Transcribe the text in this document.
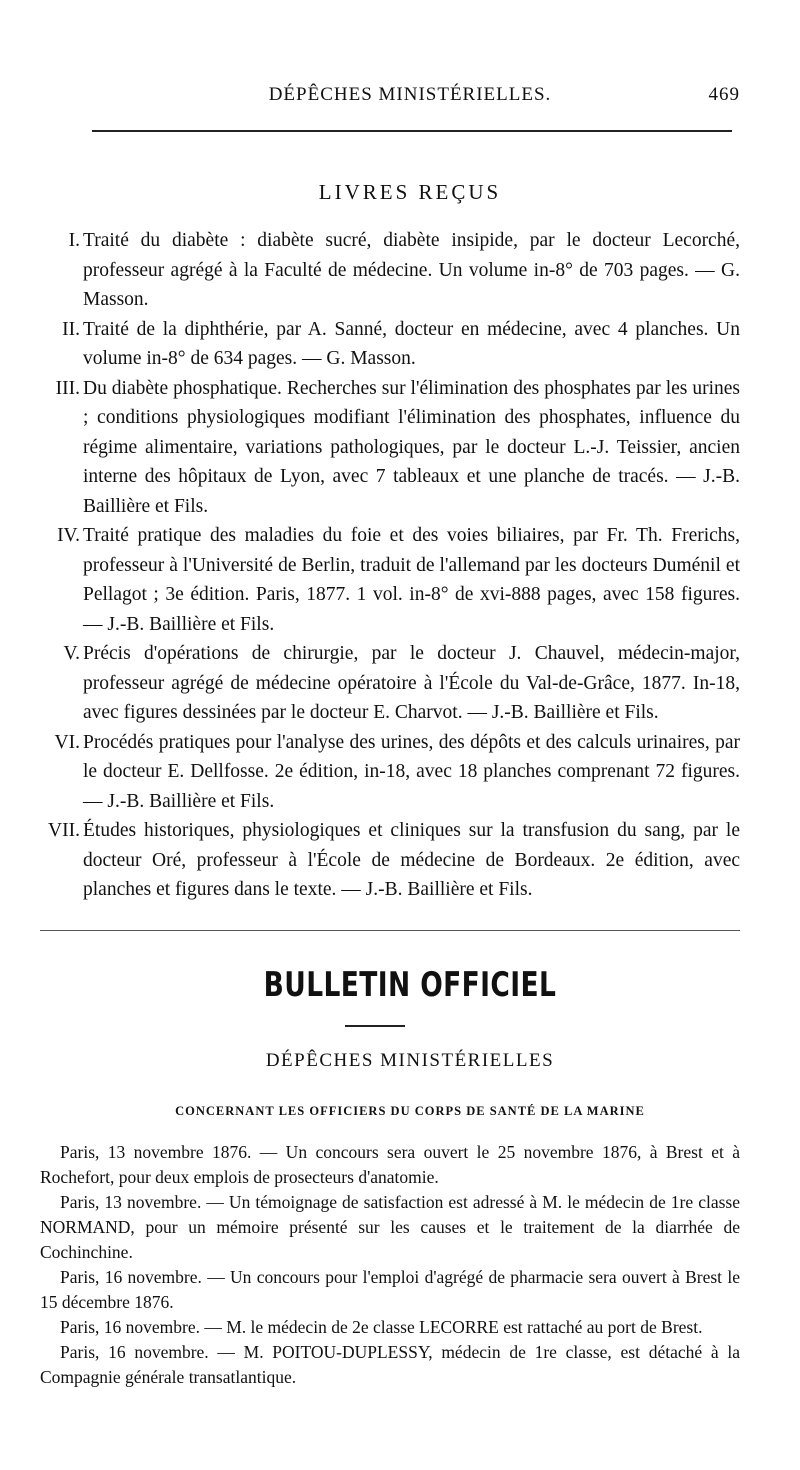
DÉPÊCHES MINISTÉRIELLES.	469
LIVRES REÇUS
I. Traité du diabète : diabète sucré, diabète insipide, par le docteur Lecorché, professeur agrégé à la Faculté de médecine. Un volume in-8° de 703 pages. — G. Masson.
II. Traité de la diphthérie, par A. Sanné, docteur en médecine, avec 4 planches. Un volume in-8° de 634 pages. — G. Masson.
III. Du diabète phosphatique. Recherches sur l'élimination des phosphates par les urines ; conditions physiologiques modifiant l'élimination des phosphates, influence du régime alimentaire, variations pathologiques, par le docteur L.-J. Teissier, ancien interne des hôpitaux de Lyon, avec 7 tableaux et une planche de tracés. — J.-B. Baillière et Fils.
IV. Traité pratique des maladies du foie et des voies biliaires, par Fr. Th. Frerichs, professeur à l'Université de Berlin, traduit de l'allemand par les docteurs Duménil et Pellagot ; 3e édition. Paris, 1877. 1 vol. in-8° de xvi-888 pages, avec 158 figures. — J.-B. Baillière et Fils.
V. Précis d'opérations de chirurgie, par le docteur J. Chauvel, médecin-major, professeur agrégé de médecine opératoire à l'École du Val-de-Grâce, 1877. In-18, avec figures dessinées par le docteur E. Charvot. — J.-B. Baillière et Fils.
VI. Procédés pratiques pour l'analyse des urines, des dépôts et des calculs urinaires, par le docteur E. Dellfosse. 2e édition, in-18, avec 18 planches comprenant 72 figures. — J.-B. Baillière et Fils.
VII. Études historiques, physiologiques et cliniques sur la transfusion du sang, par le docteur Oré, professeur à l'École de médecine de Bordeaux. 2e édition, avec planches et figures dans le texte. — J.-B. Baillière et Fils.
BULLETIN OFFICIEL
DÉPÊCHES MINISTÉRIELLES
CONCERNANT LES OFFICIERS DU CORPS DE SANTÉ DE LA MARINE

Paris, 13 novembre 1876. — Un concours sera ouvert le 25 novembre 1876, à Brest et à Rochefort, pour deux emplois de prosecteurs d'anatomie.

Paris, 13 novembre. — Un témoignage de satisfaction est adressé à M. le médecin de 1re classe NORMAND, pour un mémoire présenté sur les causes et le traitement de la diarrhée de Cochinchine.

Paris, 16 novembre. — Un concours pour l'emploi d'agrégé de pharmacie sera ouvert à Brest le 15 décembre 1876.

Paris, 16 novembre. — M. le médecin de 2e classe LECORRE est rattaché au port de Brest.

Paris, 16 novembre. — M. POITOU-DUPLESSY, médecin de 1re classe, est détaché à la Compagnie générale transatlantique.
